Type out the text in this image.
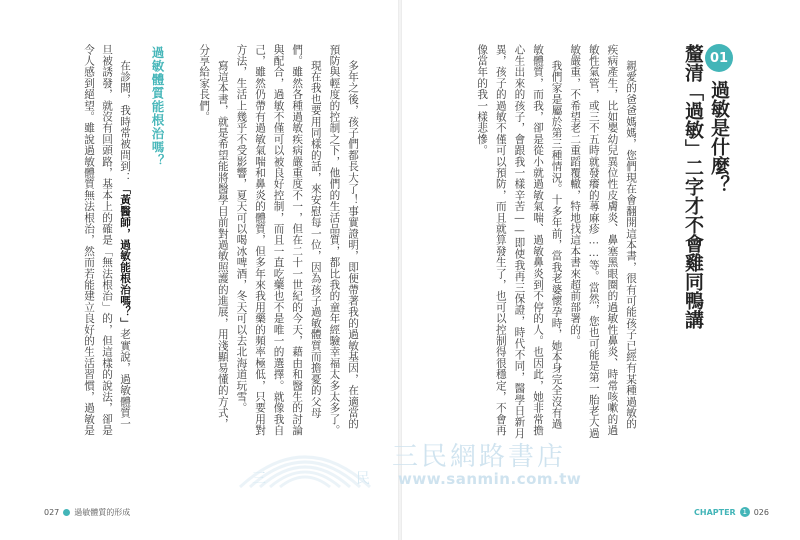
01
過敏是什麼？
釐清「過敏」二字才不會雞同鴨講
親愛的爸爸媽媽，您們現在會翻開這本書，很有可能孩子已經有某種過敏的
疾病產生，比如嬰幼兒異位性皮膚炎、鼻塞黑眼圈的過敏性鼻炎、時常咳嗽的過
敏性氣管，或三不五時就發癢的蕁麻疹……等。當然，您也可能是第一胎老大過
敏嚴重，不希望老二重蹈覆轍，特地找這本書來超前部署的。
我們家是屬於第三種情況。十多年前，當我老婆懷孕時，她本身完全沒有過
敏體質，而我，卻是從小就過敏氣喘、過敏鼻炎到不停的人。也因此，她非常擔
心生出來的孩子，會跟我一樣辛苦——即使我再三保證，時代不同，醫學日新月
異，孩子的過敏不僅可以預防，而且就算發生了，也可以控制得很穩定，不會再
像當年的我一樣悲慘。
多年之後，孩子們都長大了！事實證明，即便帶著我的過敏基因，在適當的
預防與輕度的控制之下，他們的生活品質，都比我的童年經驗幸福太多太多了。
現在我也要用同樣的話，來安慰每一位，因為孩子過敏體質而擔憂的父母
們。雖然各種過敏疾病嚴重度不一，但在二十一世紀的今天，藉由和醫生的討論
與配合，過敏不僅可以被良好控制，而且一直吃藥也不是唯一的選擇。就像我自
己，雖然仍帶有過敏氣喘和鼻炎的體質，但多年來我用藥的頻率極低，只要用對
方法，生活上幾乎不受影響，夏天可以喝冰啤酒，冬天可以去北海道玩雪。
寫這本書，就是希望能將醫學目前對過敏照護的進展，用淺顯易懂的方式，
分享給家長們。
過敏體質能根治嗎？
在診間，我時常被問到：「黃醫師，過敏能根治嗎？」老實說，過敏體質一
旦被誘發，就沒有回頭路，基本上的確是「無法根治」的，但這樣的說法，卻是
令人感到絕望。雖說過敏體質無法根治，然而若能建立良好的生活習慣，過敏是
三	民
三民網路書店
www.sanmin.com.tw
027 過敏體質的形成	CHAPTER 1 026
